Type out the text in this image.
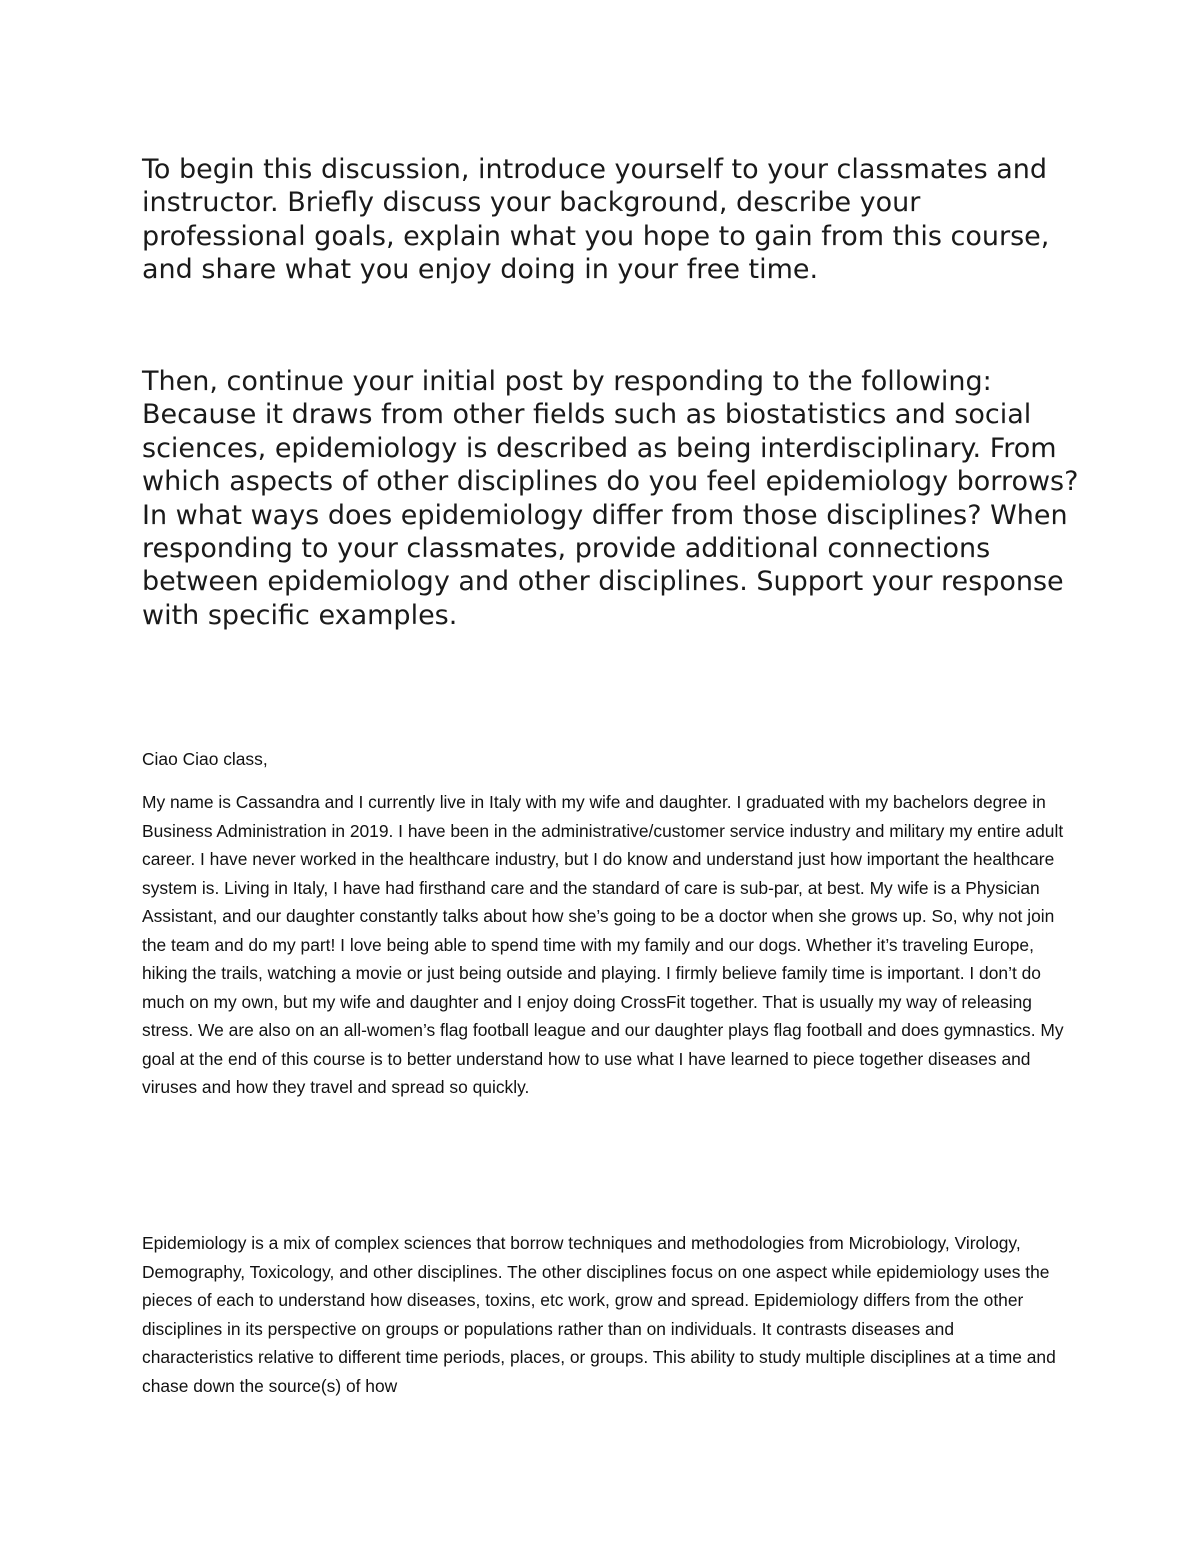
To begin this discussion, introduce yourself to your classmates and instructor. Briefly discuss your background, describe your professional goals, explain what you hope to gain from this course, and share what you enjoy doing in your free time.

Then, continue your initial post by responding to the following: Because it draws from other fields such as biostatistics and social sciences, epidemiology is described as being interdisciplinary. From which aspects of other disciplines do you feel epidemiology borrows? In what ways does epidemiology differ from those disciplines? When responding to your classmates, provide additional connections between epidemiology and other disciplines. Support your response with specific examples.

Ciao Ciao class,

My name is Cassandra and I currently live in Italy with my wife and daughter. I graduated with my bachelors degree in Business Administration in 2019. I have been in the administrative/customer service industry and military my entire adult career. I have never worked in the healthcare industry, but I do know and understand just how important the healthcare system is. Living in Italy, I have had firsthand care and the standard of care is sub-par, at best. My wife is a Physician Assistant, and our daughter constantly talks about how she’s going to be a doctor when she grows up. So, why not join the team and do my part! I love being able to spend time with my family and our dogs. Whether it’s traveling Europe, hiking the trails, watching a movie or just being outside and playing. I firmly believe family time is important. I don’t do much on my own, but my wife and daughter and I enjoy doing CrossFit together. That is usually my way of releasing stress. We are also on an all-women’s flag football league and our daughter plays flag football and does gymnastics. My goal at the end of this course is to better understand how to use what I have learned to piece together diseases and viruses and how they travel and spread so quickly.

Epidemiology is a mix of complex sciences that borrow techniques and methodologies from Microbiology, Virology, Demography, Toxicology, and other disciplines. The other disciplines focus on one aspect while epidemiology uses the pieces of each to understand how diseases, toxins, etc work, grow and spread. Epidemiology differs from the other disciplines in its perspective on groups or populations rather than on individuals. It contrasts diseases and characteristics relative to different time periods, places, or groups. This ability to study multiple disciplines at a time and chase down the source(s) of how
